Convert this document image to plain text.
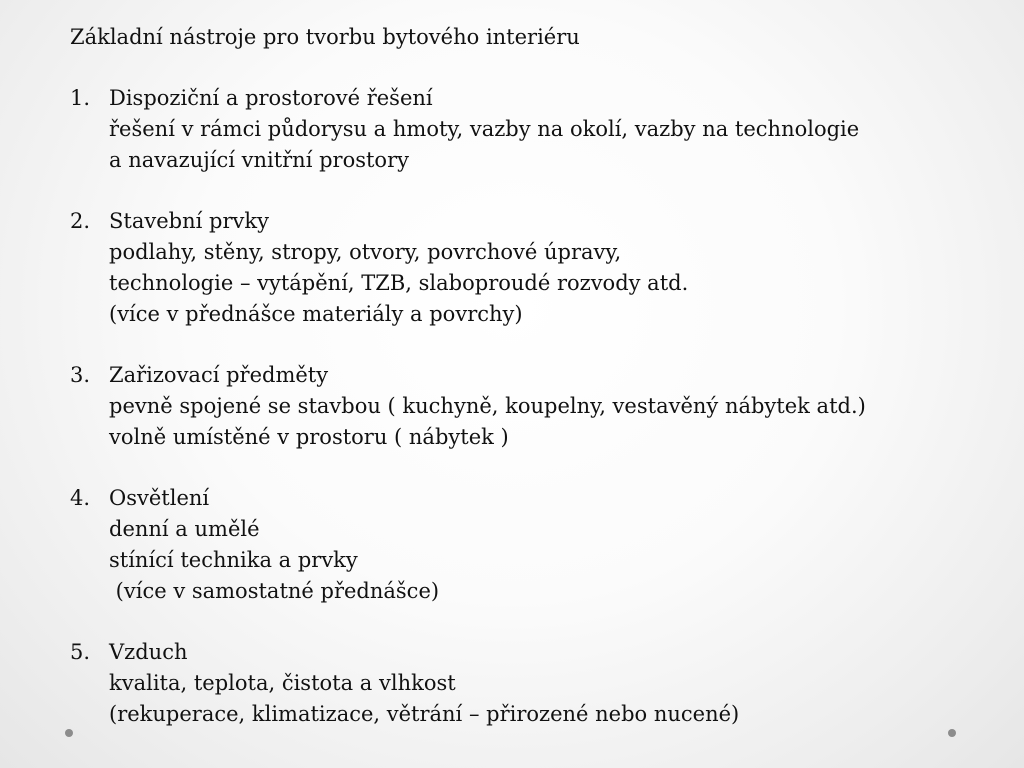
Základní nástroje pro tvorbu bytového interiéru
1. Dispoziční a prostorové řešení
řešení v rámci půdorysu a hmoty, vazby na okolí, vazby na technologie
a navazující vnitřní prostory
2. Stavební prvky
podlahy, stěny, stropy, otvory, povrchové úpravy,
technologie – vytápění, TZB, slaboproudé rozvody atd.
(více v přednášce materiály a povrchy)
3. Zařizovací předměty
pevně spojené se stavbou ( kuchyně, koupelny, vestavěný nábytek atd.)
volně umístěné v prostoru ( nábytek )
4. Osvětlení
denní a umělé
stínící technika a prvky
(více v samostatné přednášce)
5. Vzduch
kvalita, teplota, čistota a vlhkost
(rekuperace, klimatizace, větrání – přirozené nebo nucené)
